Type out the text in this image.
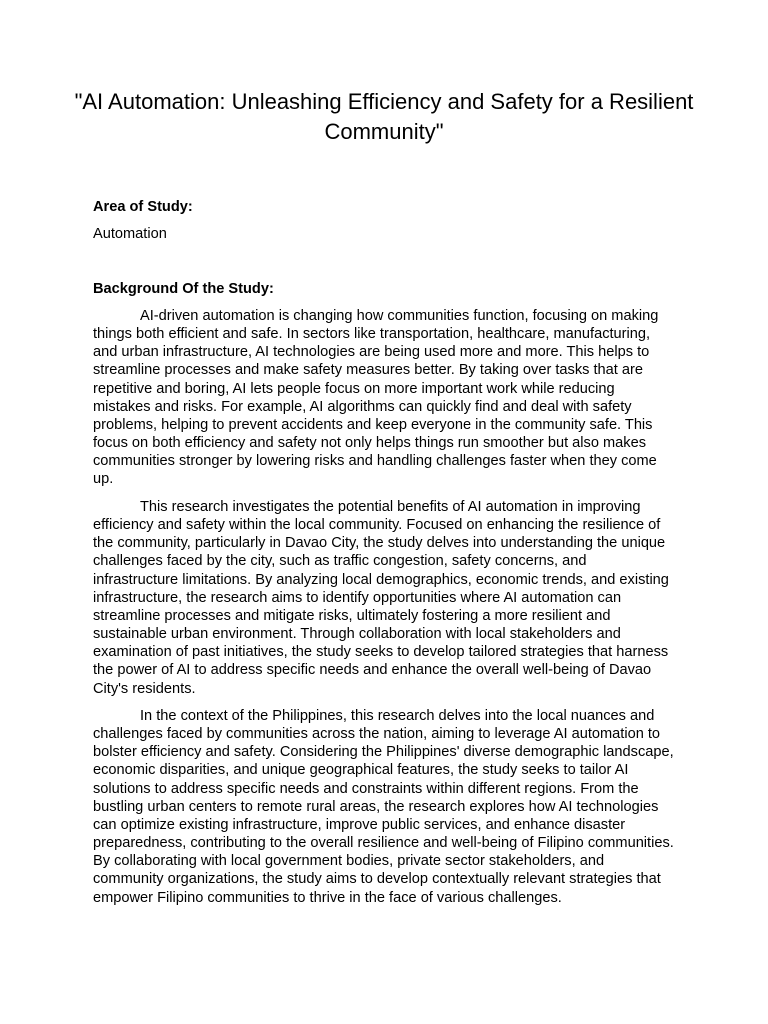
"AI Automation: Unleashing Efficiency and Safety for a Resilient Community"

Area of Study:

Automation

Background Of the Study:

AI-driven automation is changing how communities function, focusing on making things both efficient and safe. In sectors like transportation, healthcare, manufacturing, and urban infrastructure, AI technologies are being used more and more. This helps to streamline processes and make safety measures better. By taking over tasks that are repetitive and boring, AI lets people focus on more important work while reducing mistakes and risks. For example, AI algorithms can quickly find and deal with safety problems, helping to prevent accidents and keep everyone in the community safe. This focus on both efficiency and safety not only helps things run smoother but also makes communities stronger by lowering risks and handling challenges faster when they come up.

This research investigates the potential benefits of AI automation in improving efficiency and safety within the local community. Focused on enhancing the resilience of the community, particularly in Davao City, the study delves into understanding the unique challenges faced by the city, such as traffic congestion, safety concerns, and infrastructure limitations. By analyzing local demographics, economic trends, and existing infrastructure, the research aims to identify opportunities where AI automation can streamline processes and mitigate risks, ultimately fostering a more resilient and sustainable urban environment. Through collaboration with local stakeholders and examination of past initiatives, the study seeks to develop tailored strategies that harness the power of AI to address specific needs and enhance the overall well-being of Davao City's residents.

In the context of the Philippines, this research delves into the local nuances and challenges faced by communities across the nation, aiming to leverage AI automation to bolster efficiency and safety. Considering the Philippines' diverse demographic landscape, economic disparities, and unique geographical features, the study seeks to tailor AI solutions to address specific needs and constraints within different regions. From the bustling urban centers to remote rural areas, the research explores how AI technologies can optimize existing infrastructure, improve public services, and enhance disaster preparedness, contributing to the overall resilience and well-being of Filipino communities. By collaborating with local government bodies, private sector stakeholders, and community organizations, the study aims to develop contextually relevant strategies that empower Filipino communities to thrive in the face of various challenges.
